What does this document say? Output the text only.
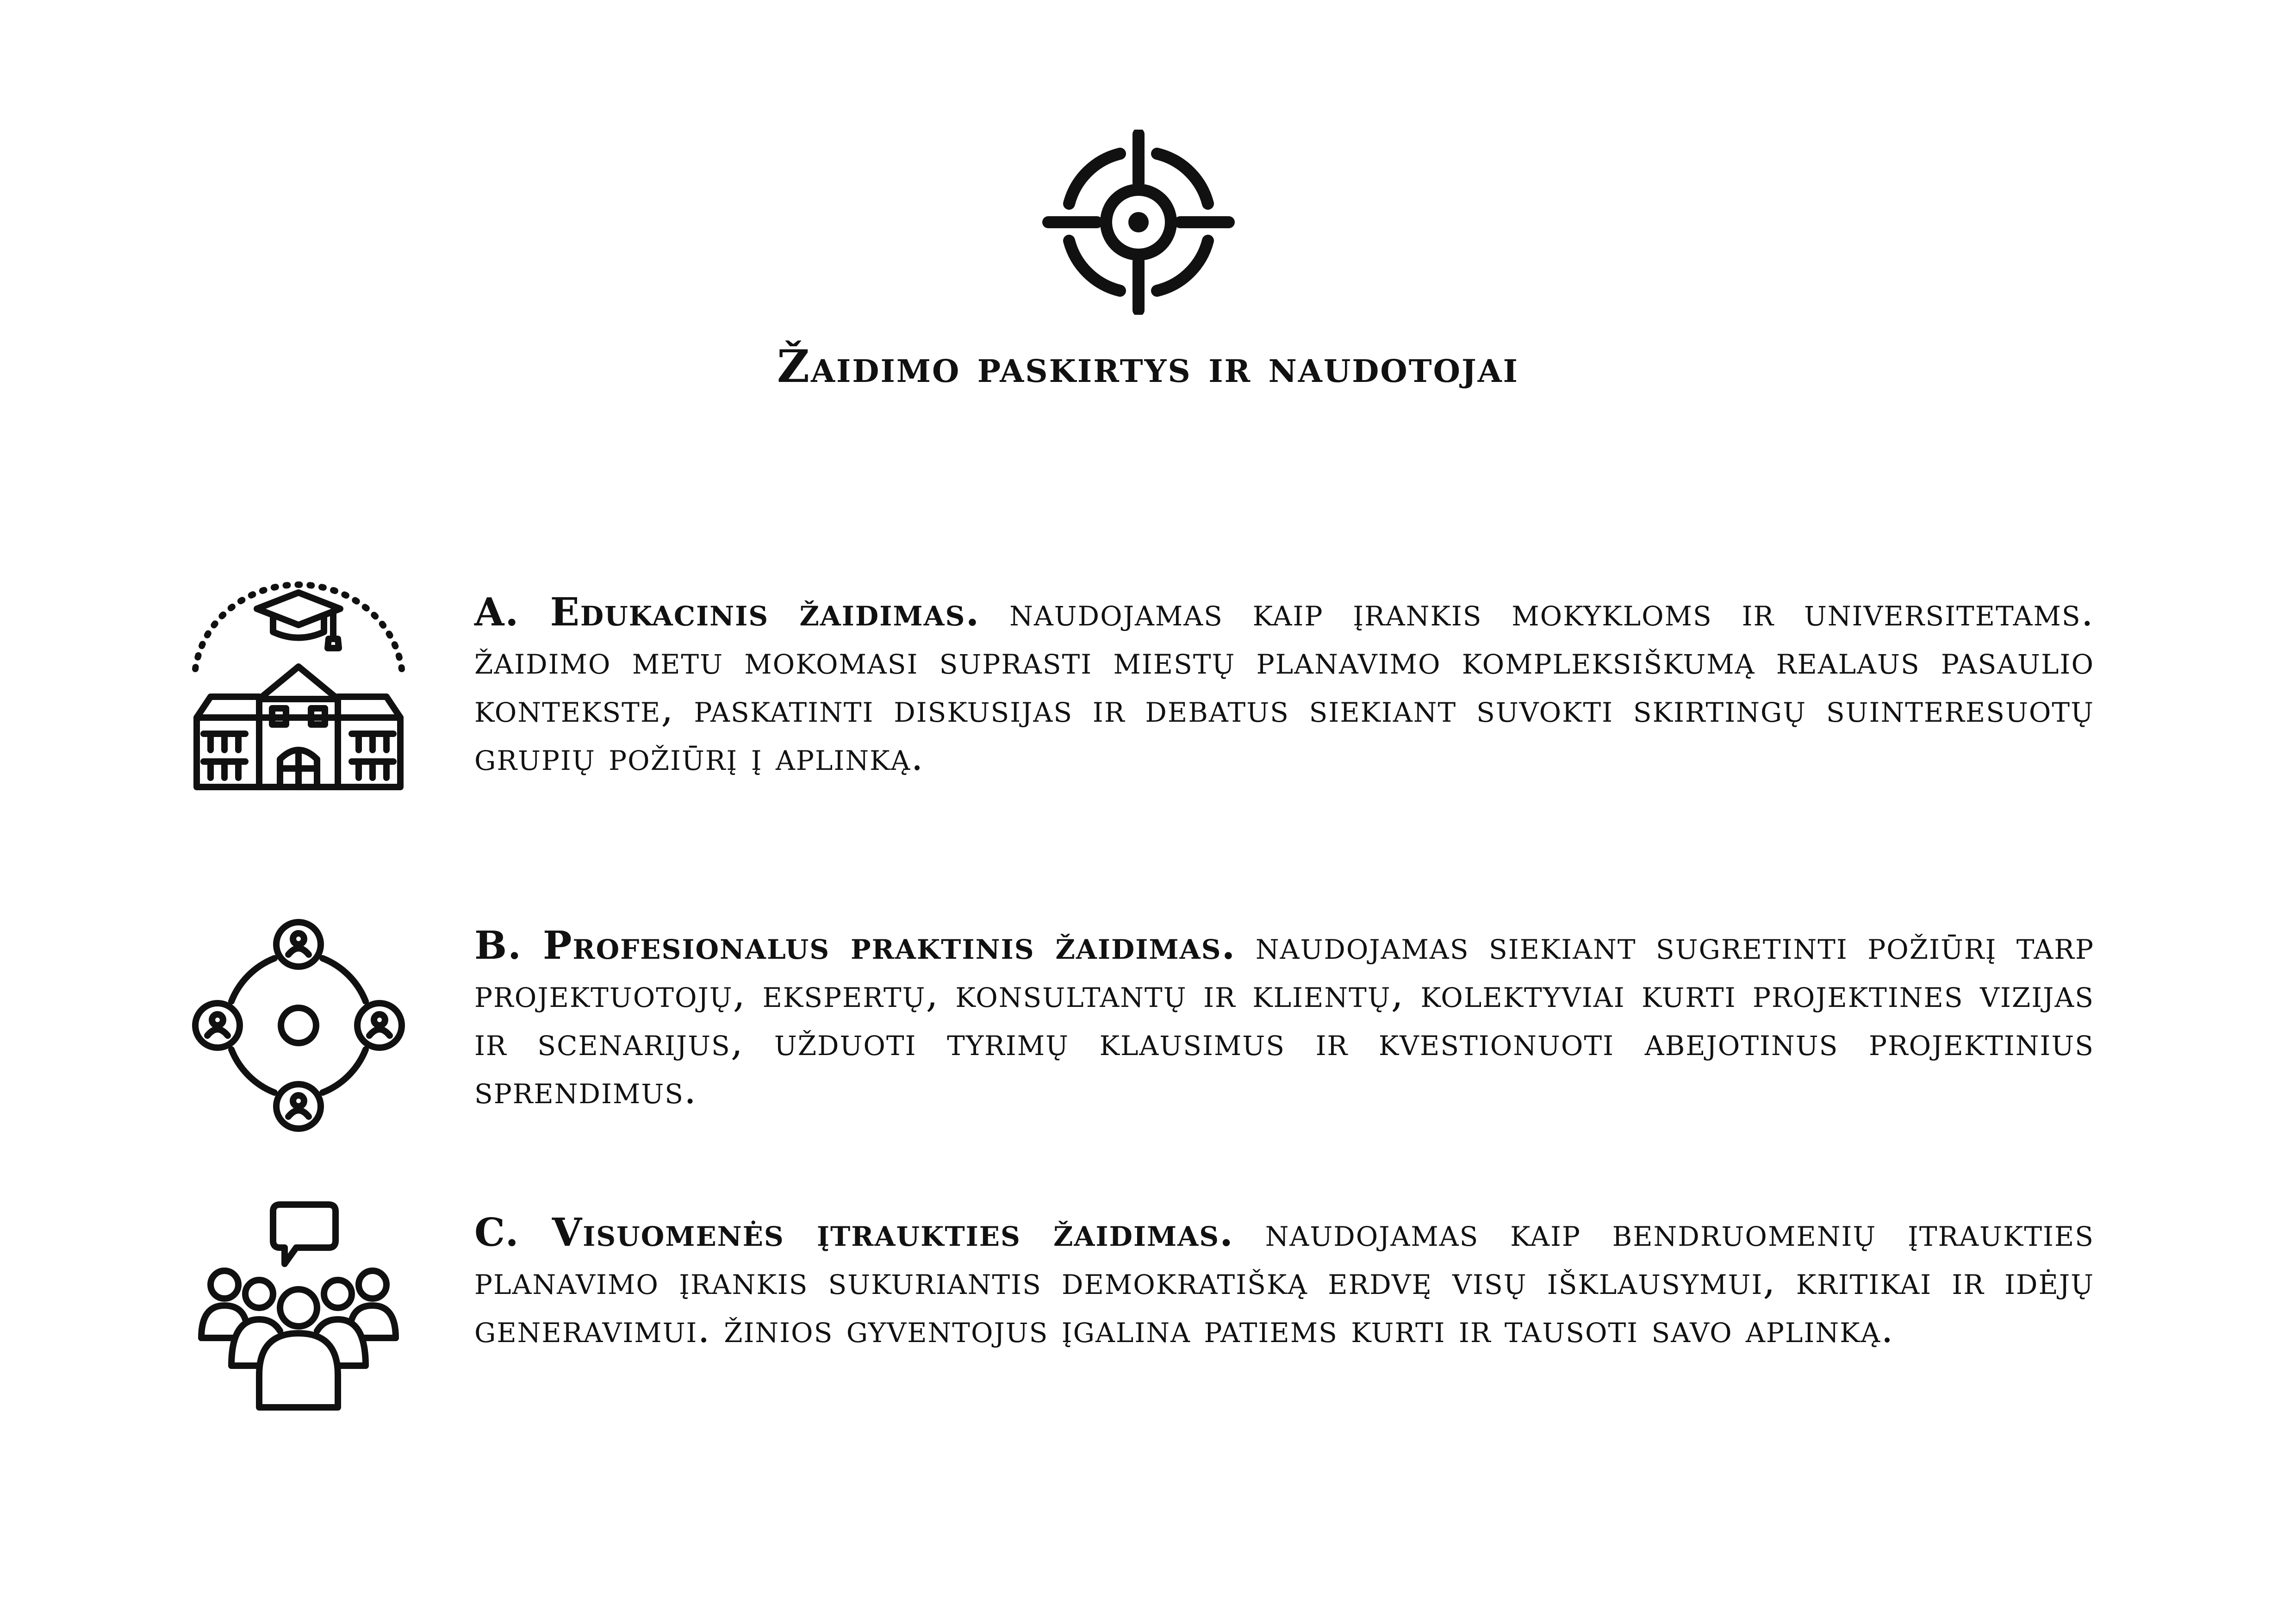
Žaidimo paskirtys ir naudotojai
A. Edukacinis žaidimas. naudojamas kaip įrankis mokykloms ir universitetams. žaidimo metu mokomasi suprasti miestų planavimo kompleksiškumą realaus pasaulio kontekste, paskatinti diskusijas ir debatus siekiant suvokti skirtingų suinteresuotų grupių požiūrį į aplinką.
B. Profesionalus praktinis žaidimas. naudojamas siekiant sugretinti požiūrį tarp projektuotojų, ekspertų, konsultantų ir klientų, kolektyviai kurti projektines vizijas ir scenarijus, užduoti tyrimų klausimus ir kvestionuoti abejotinus projektinius sprendimus.
C. Visuomenės įtraukties žaidimas. naudojamas kaip bendruomenių įtraukties planavimo įrankis sukuriantis demokratišką erdvę visų išklausymui, kritikai ir idėjų generavimui. žinios gyventojus įgalina patiems kurti ir tausoti savo aplinką.
